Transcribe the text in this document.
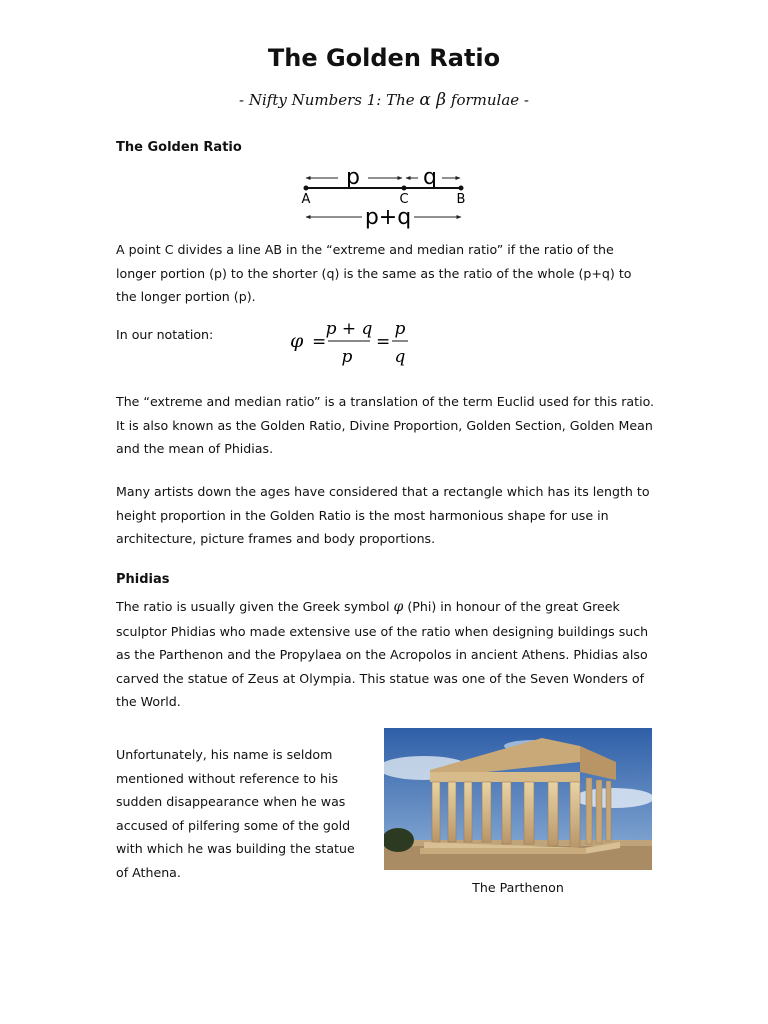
The Golden Ratio
- Nifty Numbers 1: The α β formulae -
The Golden Ratio
p	q
A	C	B
p+q

A point C divides a line AB in the “extreme and median ratio” if the ratio of the longer portion (p) to the shorter (q) is the same as the ratio of the whole (p+q) to the longer portion (p).

In our notation:	φ =
p + q
p
=
p
q

The “extreme and median ratio” is a translation of the term Euclid used for this ratio. It is also known as the Golden Ratio, Divine Proportion, Golden Section, Golden Mean and the mean of Phidias.

Many artists down the ages have considered that a rectangle which has its length to height proportion in the Golden Ratio is the most harmonious shape for use in architecture, picture frames and body proportions.

Phidias

The ratio is usually given the Greek symbol φ (Phi) in honour of the great Greek sculptor Phidias who made extensive use of the ratio when designing buildings such as the Parthenon and the Propylaea on the Acropolos in ancient Athens. Phidias also carved the statue of Zeus at Olympia. This statue was one of the Seven Wonders of the World.

Unfortunately, his name is seldom mentioned without reference to his sudden disappearance when he was accused of pilfering some of the gold with which he was building the statue of Athena.

The Parthenon
